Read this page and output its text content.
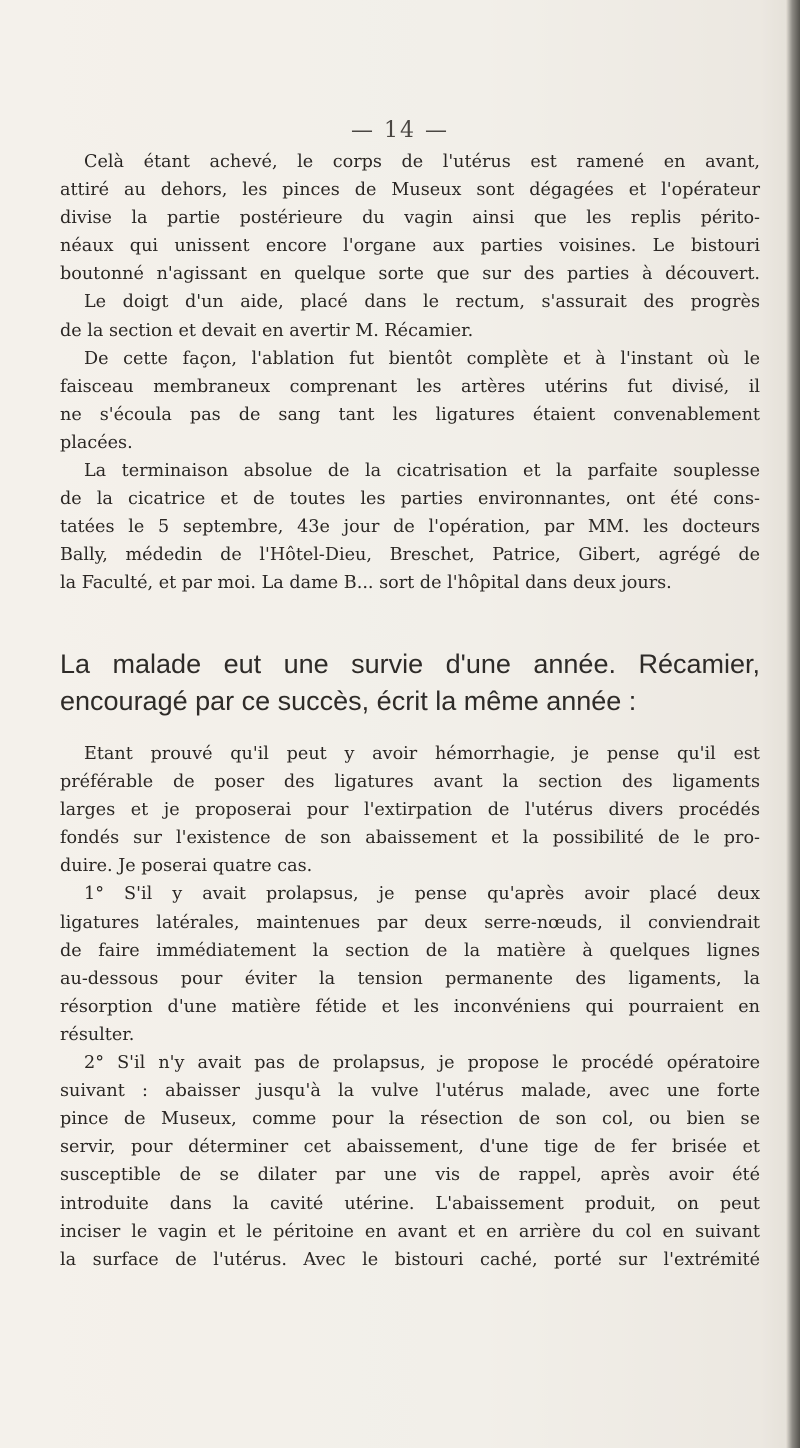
— 14 —
Celà étant achevé, le corps de l'utérus est ramené en avant,
attiré au dehors, les pinces de Museux sont dégagées et l'opérateur
divise la partie postérieure du vagin ainsi que les replis périto-
néaux qui unissent encore l'organe aux parties voisines. Le bistouri
boutonné n'agissant en quelque sorte que sur des parties à découvert.
Le doigt d'un aide, placé dans le rectum, s'assurait des progrès
de la section et devait en avertir M. Récamier.
De cette façon, l'ablation fut bientôt complète et à l'instant où le
faisceau membraneux comprenant les artères utérins fut divisé, il
ne s'écoula pas de sang tant les ligatures étaient convenablement
placées.
La terminaison absolue de la cicatrisation et la parfaite souplesse
de la cicatrice et de toutes les parties environnantes, ont été cons-
tatées le 5 septembre, 43e jour de l'opération, par MM. les docteurs
Bally, médedin de l'Hôtel-Dieu, Breschet, Patrice, Gibert, agrégé de
la Faculté, et par moi. La dame B... sort de l'hôpital dans deux jours.
La malade eut une survie d'une année. Récamier,
encouragé par ce succès, écrit la même année :
Etant prouvé qu'il peut y avoir hémorrhagie, je pense qu'il est
préférable de poser des ligatures avant la section des ligaments
larges et je proposerai pour l'extirpation de l'utérus divers procédés
fondés sur l'existence de son abaissement et la possibilité de le pro-
duire. Je poserai quatre cas.
1° S'il y avait prolapsus, je pense qu'après avoir placé deux
ligatures latérales, maintenues par deux serre-nœuds, il conviendrait
de faire immédiatement la section de la matière à quelques lignes
au-dessous pour éviter la tension permanente des ligaments, la
résorption d'une matière fétide et les inconvéniens qui pourraient en
résulter.
2° S'il n'y avait pas de prolapsus, je propose le procédé opératoire
suivant : abaisser jusqu'à la vulve l'utérus malade, avec une forte
pince de Museux, comme pour la résection de son col, ou bien se
servir, pour déterminer cet abaissement, d'une tige de fer brisée et
susceptible de se dilater par une vis de rappel, après avoir été
introduite dans la cavité utérine. L'abaissement produit, on peut
inciser le vagin et le péritoine en avant et en arrière du col en suivant
la surface de l'utérus. Avec le bistouri caché, porté sur l'extrémité
